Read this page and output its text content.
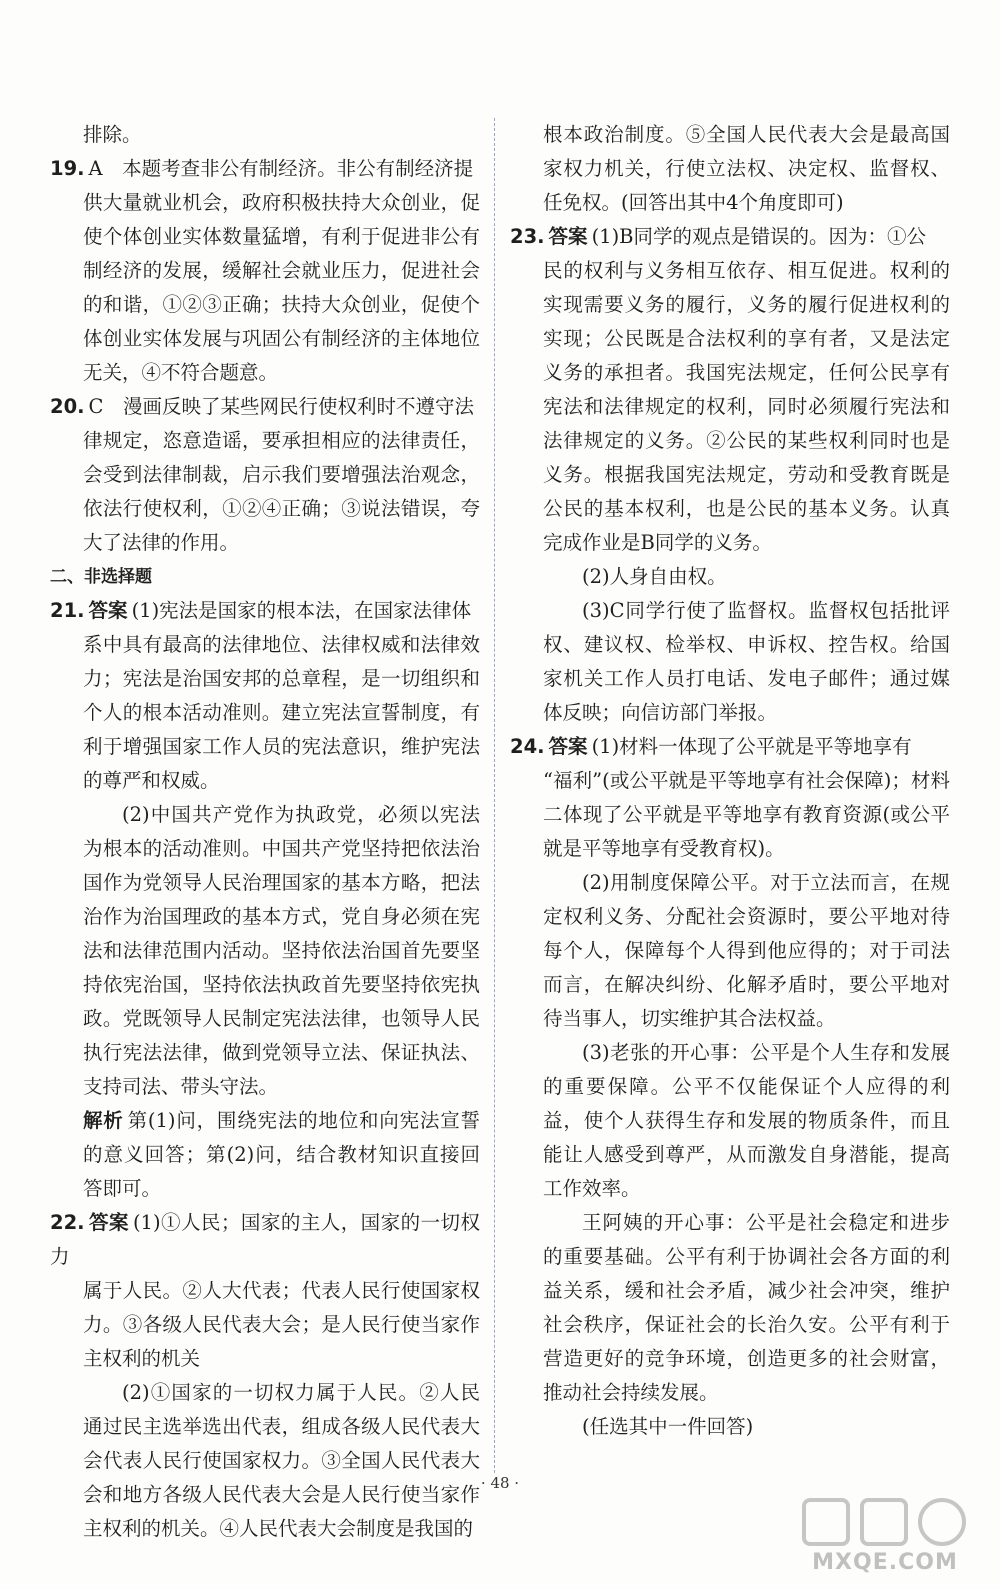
排除。

19. A　本题考查非公有制经济。非公有制经济提

供大量就业机会，政府积极扶持大众创业，促使个体创业实体数量猛增，有利于促进非公有制经济的发展，缓解社会就业压力，促进社会的和谐，①②③正确；扶持大众创业，促使个体创业实体发展与巩固公有制经济的主体地位无关，④不符合题意。

20. C　漫画反映了某些网民行使权利时不遵守法

律规定，恣意造谣，要承担相应的法律责任，会受到法律制裁，启示我们要增强法治观念，依法行使权利，①②④正确；③说法错误，夸大了法律的作用。

二、非选择题

21. 答案 (1)宪法是国家的根本法，在国家法律体

系中具有最高的法律地位、法律权威和法律效力；宪法是治国安邦的总章程，是一切组织和个人的根本活动准则。建立宪法宣誓制度，有利于增强国家工作人员的宪法意识，维护宪法的尊严和权威。

(2)中国共产党作为执政党，必须以宪法为根本的活动准则。中国共产党坚持把依法治国作为党领导人民治理国家的基本方略，把法治作为治国理政的基本方式，党自身必须在宪法和法律范围内活动。坚持依法治国首先要坚持依宪治国，坚持依法执政首先要坚持依宪执政。党既领导人民制定宪法法律，也领导人民执行宪法法律，做到党领导立法、保证执法、支持司法、带头守法。

解析 第(1)问，围绕宪法的地位和向宪法宣誓的意义回答；第(2)问，结合教材知识直接回答即可。

22. 答案 (1)①人民；国家的主人，国家的一切权力

属于人民。②人大代表；代表人民行使国家权力。③各级人民代表大会；是人民行使当家作主权利的机关

(2)①国家的一切权力属于人民。②人民通过民主选举选出代表，组成各级人民代表大会代表人民行使国家权力。③全国人民代表大会和地方各级人民代表大会是人民行使当家作主权利的机关。④人民代表大会制度是我国的

根本政治制度。⑤全国人民代表大会是最高国家权力机关，行使立法权、决定权、监督权、任免权。(回答出其中4个角度即可)

23. 答案 (1)B同学的观点是错误的。因为：①公

民的权利与义务相互依存、相互促进。权利的实现需要义务的履行，义务的履行促进权利的实现；公民既是合法权利的享有者，又是法定义务的承担者。我国宪法规定，任何公民享有宪法和法律规定的权利，同时必须履行宪法和法律规定的义务。②公民的某些权利同时也是义务。根据我国宪法规定，劳动和受教育既是公民的基本权利，也是公民的基本义务。认真完成作业是B同学的义务。

(2)人身自由权。

(3)C同学行使了监督权。监督权包括批评权、建议权、检举权、申诉权、控告权。给国家机关工作人员打电话、发电子邮件；通过媒体反映；向信访部门举报。

24. 答案 (1)材料一体现了公平就是平等地享有

“福利”(或公平就是平等地享有社会保障)；材料二体现了公平就是平等地享有教育资源(或公平就是平等地享有受教育权)。

(2)用制度保障公平。对于立法而言，在规定权利义务、分配社会资源时，要公平地对待每个人，保障每个人得到他应得的；对于司法而言，在解决纠纷、化解矛盾时，要公平地对待当事人，切实维护其合法权益。

(3)老张的开心事：公平是个人生存和发展的重要保障。公平不仅能保证个人应得的利益，使个人获得生存和发展的物质条件，而且能让人感受到尊严，从而激发自身潜能，提高工作效率。

王阿姨的开心事：公平是社会稳定和进步的重要基础。公平有利于协调社会各方面的利益关系，缓和社会矛盾，减少社会冲突，维护社会秩序，保证社会的长治久安。公平有利于营造更好的竞争环境，创造更多的社会财富，推动社会持续发展。

(任选其中一件回答)

· 48 ·
MXQE.COM
